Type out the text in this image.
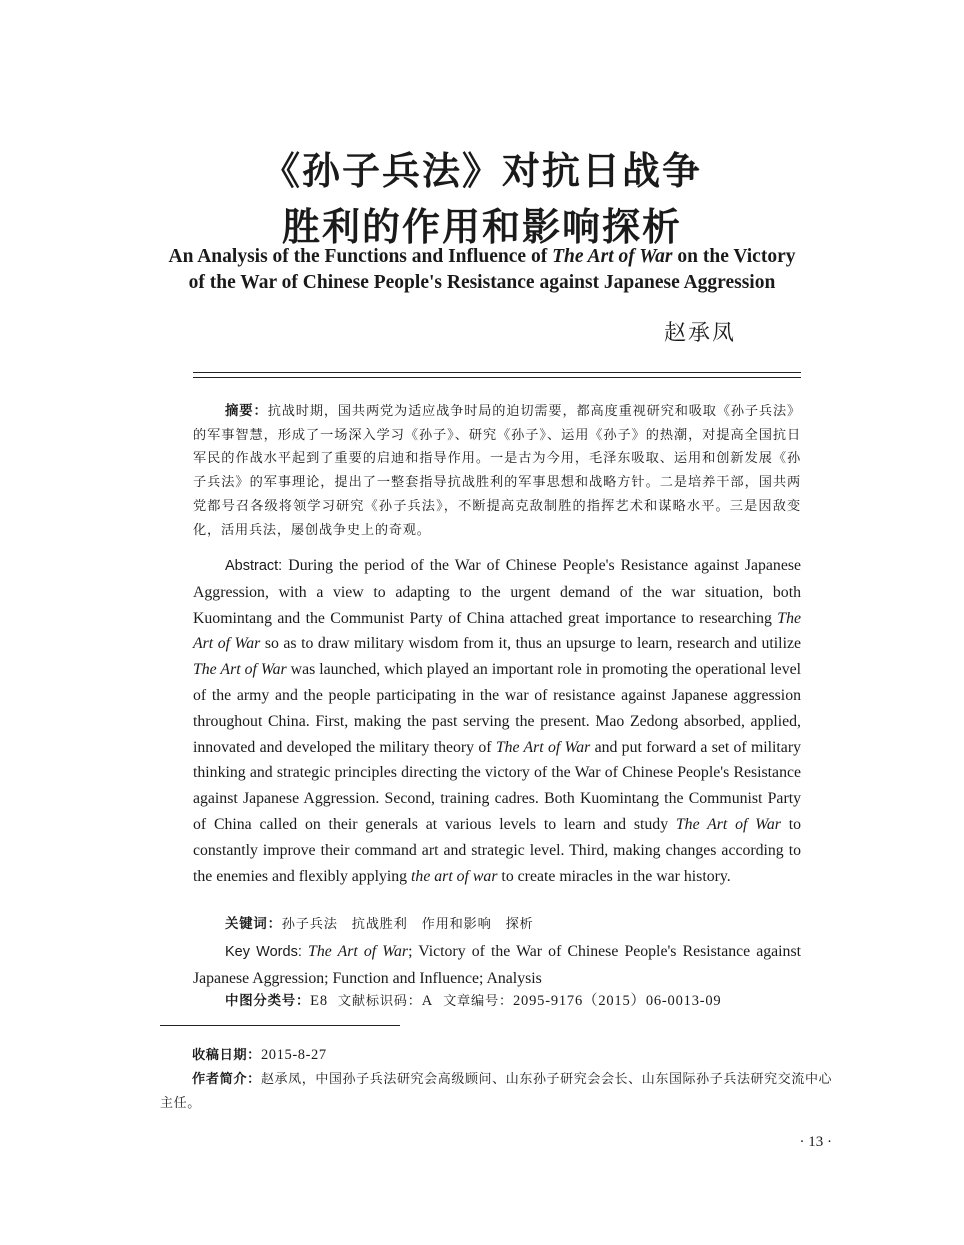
《孙子兵法》对抗日战争
胜利的作用和影响探析
An Analysis of the Functions and Influence of The Art of War on the Victory
of the War of Chinese People's Resistance against Japanese Aggression
赵承凤
摘要：抗战时期，国共两党为适应战争时局的迫切需要，都高度重视研究和吸取《孙子兵法》的军事智慧，形成了一场深入学习《孙子》、研究《孙子》、运用《孙子》的热潮，对提高全国抗日军民的作战水平起到了重要的启迪和指导作用。一是古为今用，毛泽东吸取、运用和创新发展《孙子兵法》的军事理论，提出了一整套指导抗战胜利的军事思想和战略方针。二是培养干部，国共两党都号召各级将领学习研究《孙子兵法》，不断提高克敌制胜的指挥艺术和谋略水平。三是因敌变化，活用兵法，屡创战争史上的奇观。
Abstract: During the period of the War of Chinese People's Resistance against Japanese Aggression, with a view to adapting to the urgent demand of the war situation, both Kuomintang and the Communist Party of China attached great importance to researching The Art of War so as to draw military wisdom from it, thus an upsurge to learn, research and utilize The Art of War was launched, which played an important role in promoting the operational level of the army and the people participating in the war of resistance against Japanese aggression throughout China. First, making the past serving the present. Mao Zedong absorbed, applied, innovated and developed the military theory of The Art of War and put forward a set of military thinking and strategic principles directing the victory of the War of Chinese People's Resistance against Japanese Aggression. Second, training cadres. Both Kuomintang the Communist Party of China called on their generals at various levels to learn and study The Art of War to constantly improve their command art and strategic level. Third, making changes according to the enemies and flexibly applying the art of war to create miracles in the war history.
关键词：孙子兵法　抗战胜利　作用和影响　探析
Key Words: The Art of War; Victory of the War of Chinese People's Resistance against Japanese Aggression; Function and Influence; Analysis
中图分类号：E8 文献标识码：A 文章编号：2095-9176（2015）06-0013-09
收稿日期：2015-8-27
作者简介：赵承凤，中国孙子兵法研究会高级顾问、山东孙子研究会会长、山东国际孙子兵法研究交流中心主任。
· 13 ·
